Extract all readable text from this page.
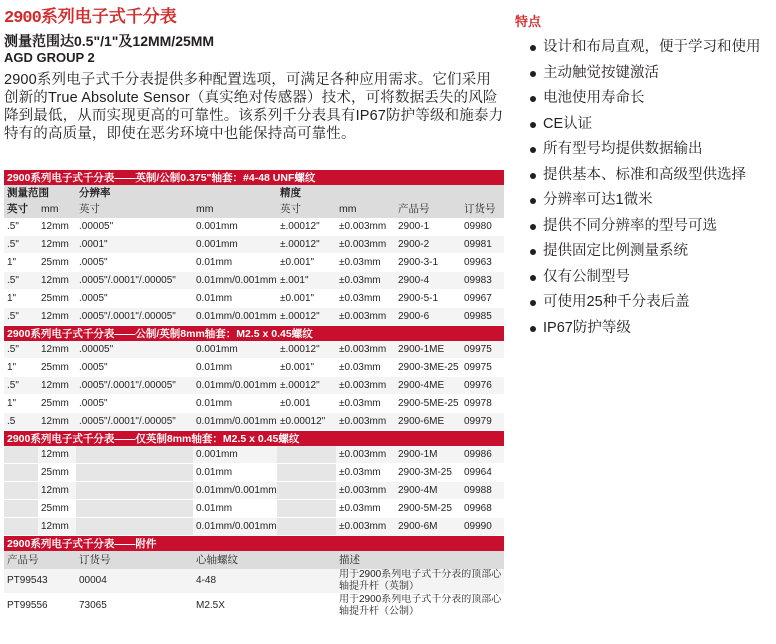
2900系列电子式千分表
测量范围达0.5"/1"及12MM/25MM
AGD GROUP 2
2900系列电子式千分表提供多种配置选项，可满足各种应用需求。它们采用创新的True Absolute Sensor（真实绝对传感器）技术，可将数据丢失的风险降到最低，从而实现更高的可靠性。该系列千分表具有IP67防护等级和施泰力特有的高质量，即使在恶劣环境中也能保持高可靠性。
2900系列电子式千分表——英制/公制0.375"轴套：#4-48 UNF螺纹							
测量范围		分辨率		精度			
英寸	mm	英寸	mm	英寸	mm	产品号	订货号
.5"	12mm	.00005"	0.001mm	±.00012"	±0.003mm	2900-1	09980
.5"	12mm	.0001"	0.001mm	±.00012"	±0.003mm	2900-2	09981
1"	25mm	.0005"	0.01mm	±0.001"	±0.03mm	2900-3-1	09963
.5"	12mm	.0005"/.0001"/.00005"	0.01mm/0.001mm	±.001"	±0.03mm	2900-4	09983
1"	25mm	.0005"	0.01mm	±0.001"	±0.03mm	2900-5-1	09967
.5"	12mm	.0005"/.0001"/.00005"	0.01mm/0.001mm	±.00012"	±0.003mm	2900-6	09985
2900系列电子式千分表——公制/英制8mm轴套：M2.5 x 0.45螺纹							
.5"	12mm	.00005"	0.001mm	±.00012"	±0.003mm	2900-1ME	09975
1"	25mm	.0005"	0.01mm	±0.001"	±0.03mm	2900-3ME-25	09975
.5"	12mm	.0005"/.0001"/.00005"	0.01mm/0.001mm	±.00012"	±0.003mm	2900-4ME	09976
1"	25mm	.0005"	0.01mm	±0.001	±0.03mm	2900-5ME-25	09978
.5	12mm	.0005"/.0001"/.00005"	0.01mm/0.001mm	±0.00012"	±0.003mm	2900-6ME	09979
2900系列电子式千分表——仅英制8mm轴套：M2.5 x 0.45螺纹							
	12mm		0.001mm		±0.003mm	2900-1M	09986
	25mm		0.01mm		±0.03mm	2900-3M-25	09964
	12mm		0.01mm/0.001mm		±0.003mm	2900-4M	09988
	25mm		0.01mm		±0.03mm	2900-5M-25	09968
	12mm		0.01mm/0.001mm		±0.003mm	2900-6M	09990
2900系列电子式千分表——附件							
产品号		订货号	心轴螺纹		描述		
PT99543		00004	4-48		用于2900系列电子式千分表的顶部心轴提升杆（英制）		

PT99556		73065	M2.5X		用于2900系列电子式千分表的顶部心轴提升杆（公制）		
特点
设计和布局直观，便于学习和使用
主动触觉按键激活
电池使用寿命长
CE认证
所有型号均提供数据输出
提供基本、标准和高级型供选择
分辨率可达1微米
提供不同分辨率的型号可选
提供固定比例测量系统
仅有公制型号
可使用25种千分表后盖
IP67防护等级
